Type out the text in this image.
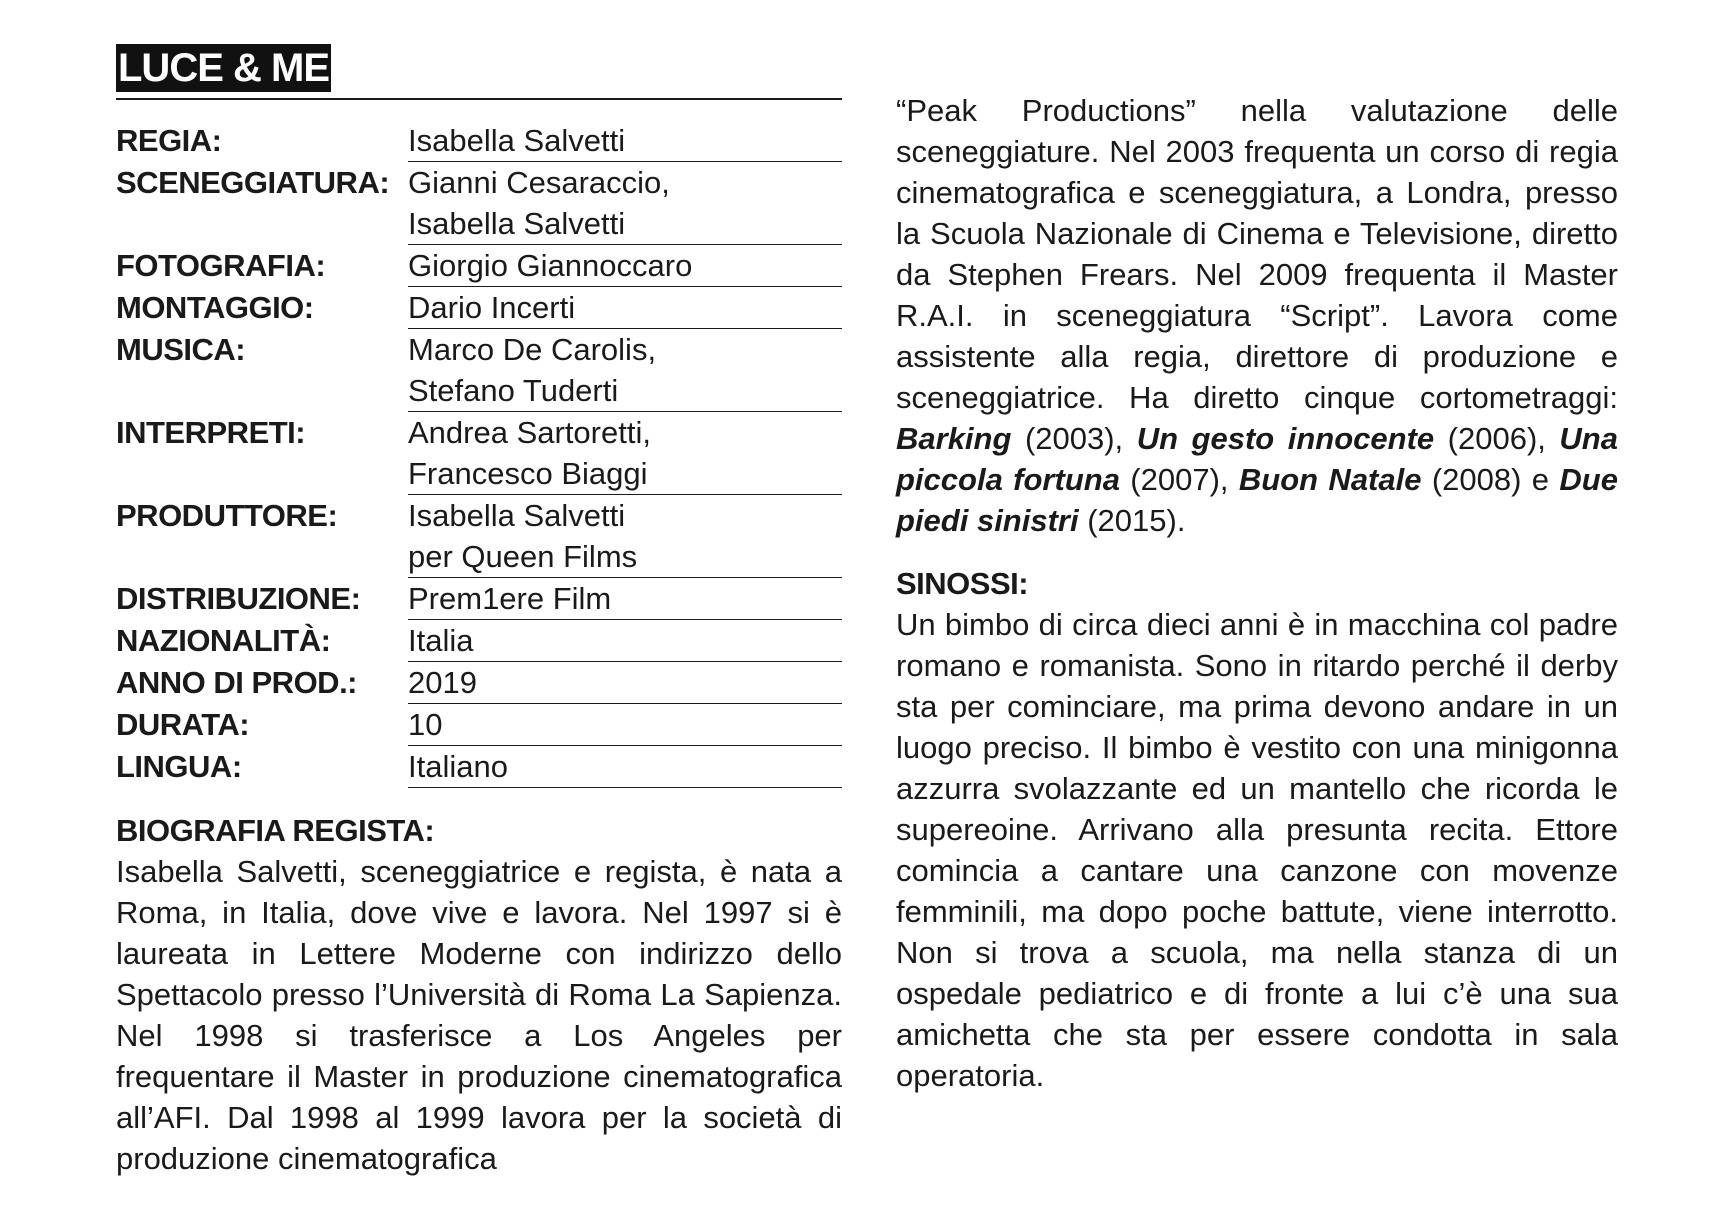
LUCE & ME
REGIA:	Isabella Salvetti
SCENEGGIATURA: Gianni Cesaraccio,
Isabella Salvetti
FOTOGRAFIA:	Giorgio Giannoccaro
MONTAGGIO:	Dario Incerti
MUSICA:	Marco De Carolis,
Stefano Tuderti
INTERPRETI:	Andrea Sartoretti,
Francesco Biaggi
PRODUTTORE:	Isabella Salvetti
per Queen Films
DISTRIBUZIONE:	Prem1ere Film
NAZIONALITÀ:	Italia
ANNO DI PROD.:	2019
DURATA:	10
LINGUA:	Italiano
BIOGRAFIA REGISTA:
Isabella Salvetti, sceneggiatrice e regista, è nata a Roma, in Italia, dove vive e lavora. Nel 1997 si è laureata in Lettere Moderne con indirizzo dello Spettacolo presso l’Università di Roma La Sapienza. Nel 1998 si trasferisce a Los Angeles per frequentare il Master in produzione cinematografica all’AFI. Dal 1998 al 1999 lavora per la società di produzione cinematografica
“Peak Productions” nella valutazione delle sceneggiature. Nel 2003 frequenta un corso di regia cinematografica e sceneggiatura, a Londra, presso la Scuola Nazionale di Cinema e Televisione, diretto da Stephen Frears. Nel 2009 frequenta il Master R.A.I. in sceneggiatura “Script”. Lavora come assistente alla regia, direttore di produzione e sceneggiatrice. Ha diretto cinque cortometraggi: Barking (2003), Un gesto innocente (2006), Una piccola fortuna (2007), Buon Natale (2008) e Due piedi sinistri (2015).
SINOSSI:
Un bimbo di circa dieci anni è in macchina col padre romano e romanista. Sono in ritardo perché il derby sta per cominciare, ma prima devono andare in un luogo preciso. Il bimbo è vestito con una minigonna azzurra svolazzante ed un mantello che ricorda le supereoine. Arrivano alla presunta recita. Ettore comincia a cantare una canzone con movenze femminili, ma dopo poche battute, viene interrotto. Non si trova a scuola, ma nella stanza di un ospedale pediatrico e di fronte a lui c’è una sua amichetta che sta per essere condotta in sala operatoria.
